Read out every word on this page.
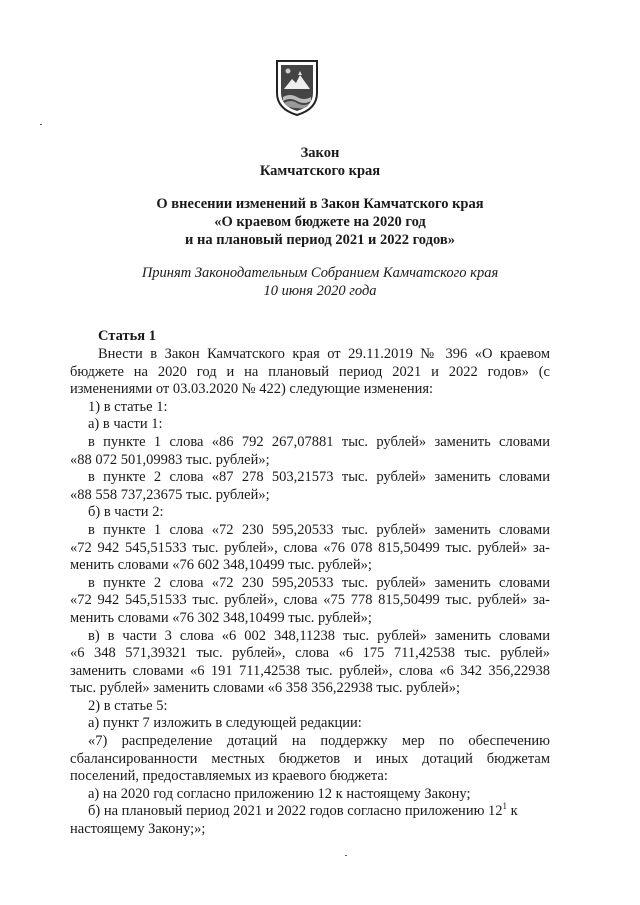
Закон
Камчатского края
О внесении изменений в Закон Камчатского края
«О краевом бюджете на 2020 год
и на плановый период 2021 и 2022 годов»
Принят Законодательным Собранием Камчатского края
10 июня 2020 года
Статья 1
Внести в Закон Камчатского края от 29.11.2019 № 396 «О краевом
бюджете на 2020 год и на плановый период 2021 и 2022 годов» (с
изменениями от 03.03.2020 № 422) следующие изменения:
1) в статье 1:
а) в части 1:
в пункте 1 слова «86 792 267,07881 тыс. рублей» заменить словами
«88 072 501,09983 тыс. рублей»;
в пункте 2 слова «87 278 503,21573 тыс. рублей» заменить словами
«88 558 737,23675 тыс. рублей»;
б) в части 2:
в пункте 1 слова «72 230 595,20533 тыс. рублей» заменить словами
«72 942 545,51533 тыс. рублей», слова «76 078 815,50499 тыс. рублей» за-
менить словами «76 602 348,10499 тыс. рублей»;
в пункте 2 слова «72 230 595,20533 тыс. рублей» заменить словами
«72 942 545,51533 тыс. рублей», слова «75 778 815,50499 тыс. рублей» за-
менить словами «76 302 348,10499 тыс. рублей»;
в) в части 3 слова «6 002 348,11238 тыс. рублей» заменить словами
«6 348 571,39321 тыс. рублей», слова «6 175 711,42538 тыс. рублей»
заменить словами «6 191 711,42538 тыс. рублей», слова «6 342 356,22938
тыс. рублей» заменить словами «6 358 356,22938 тыс. рублей»;
2) в статье 5:
а) пункт 7 изложить в следующей редакции:
«7) распределение дотаций на поддержку мер по обеспечению
сбалансированности местных бюджетов и иных дотаций бюджетам
поселений, предоставляемых из краевого бюджета:
а) на 2020 год согласно приложению 12 к настоящему Закону;
б) на плановый период 2021 и 2022 годов согласно приложению $12^1$ к
настоящему Закону;»;
